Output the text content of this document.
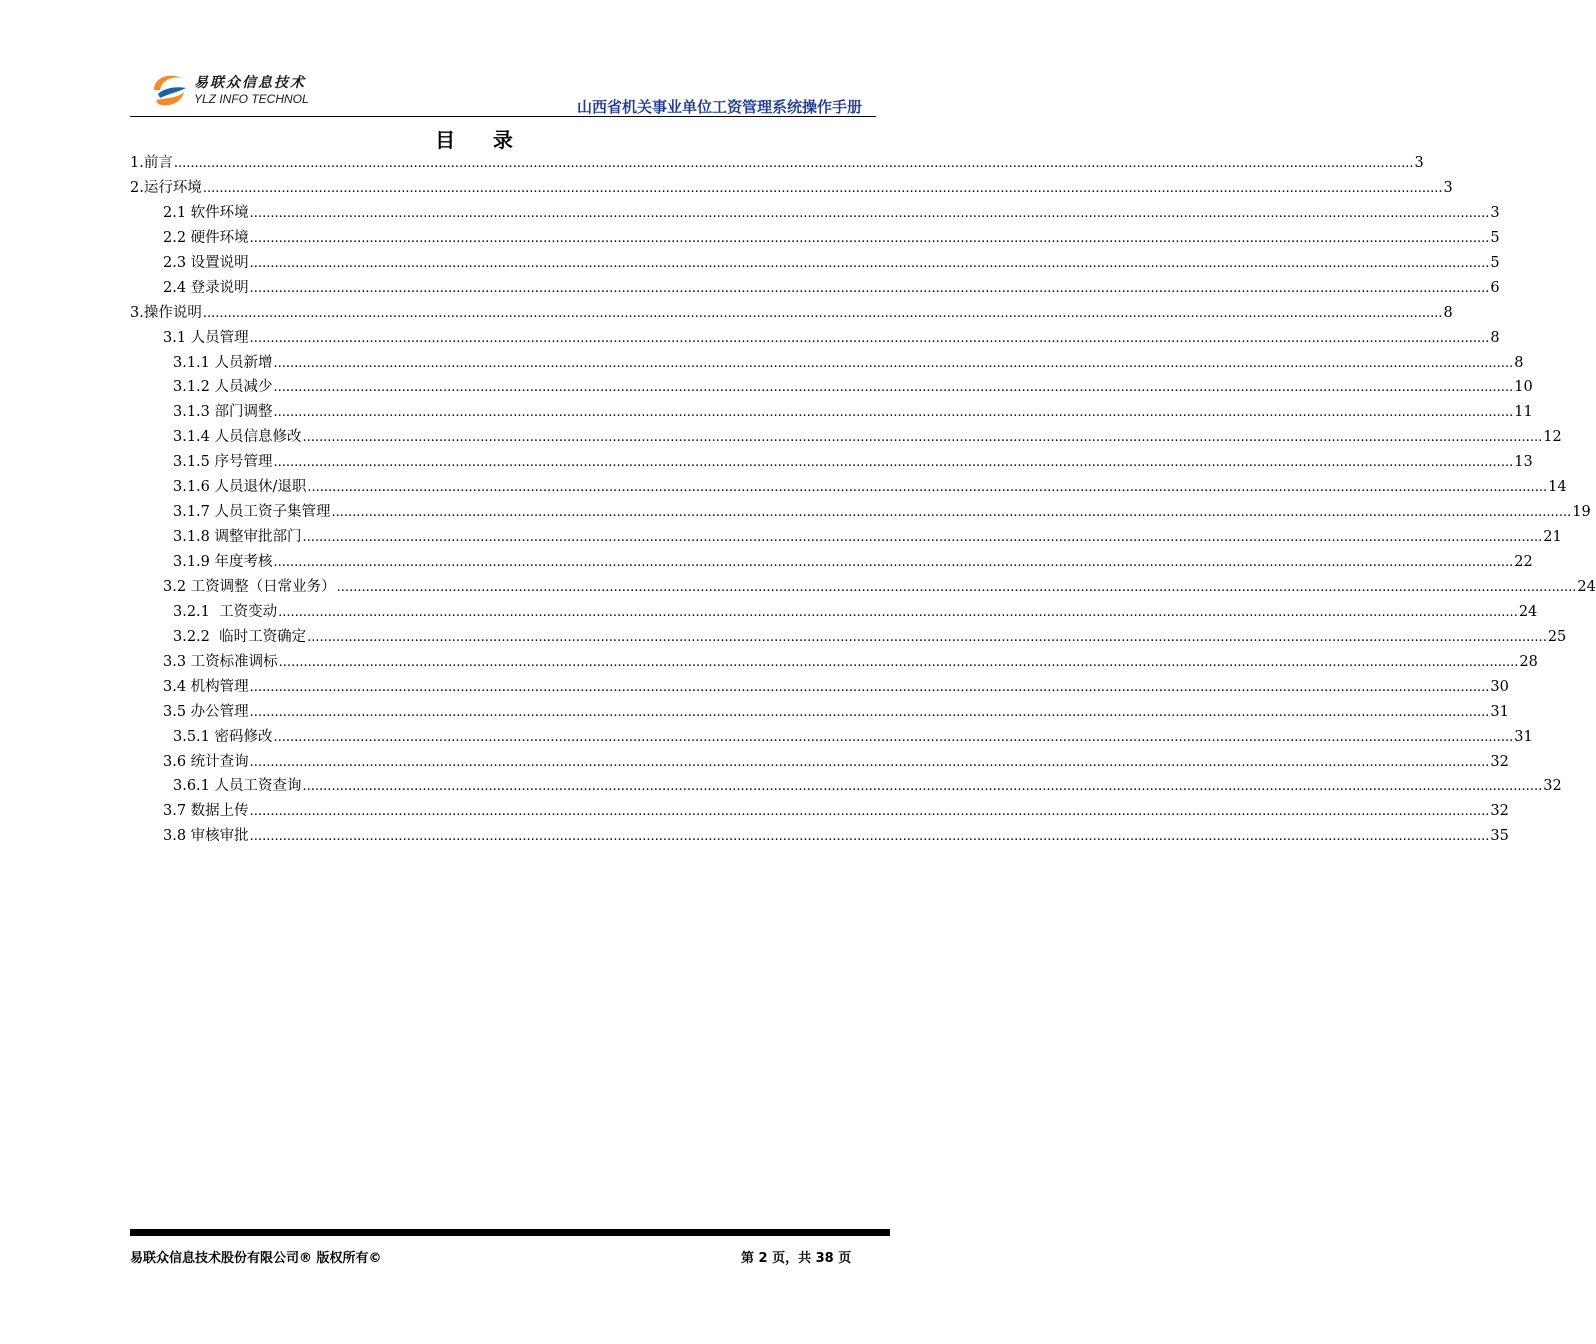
易联众信息技术
YLZ INFO TECHNOL	山西省机关事业单位工资管理系统操作手册
目    录
1.前言 ............................................................................................................................................................................................................................................................................................................ 3
2.运行环境 ............................................................................................................................................................................................................................................................................................................ 3
2.1 软件环境 ............................................................................................................................................................................................................................................................................................................ 3
2.2 硬件环境 ............................................................................................................................................................................................................................................................................................................ 5
2.3 设置说明 ............................................................................................................................................................................................................................................................................................................ 5
2.4 登录说明 ............................................................................................................................................................................................................................................................................................................ 6
3.操作说明 ............................................................................................................................................................................................................................................................................................................ 8
3.1 人员管理 ............................................................................................................................................................................................................................................................................................................ 8
3.1.1 人员新增 ............................................................................................................................................................................................................................................................................................................ 8
3.1.2 人员减少 ............................................................................................................................................................................................................................................................................................................ 10
3.1.3 部门调整 ............................................................................................................................................................................................................................................................................................................ 11
3.1.4 人员信息修改 ............................................................................................................................................................................................................................................................................................................ 12
3.1.5 序号管理 ............................................................................................................................................................................................................................................................................................................ 13
3.1.6 人员退休/退职 ............................................................................................................................................................................................................................................................................................................ 14
3.1.7 人员工资子集管理 ............................................................................................................................................................................................................................................................................................................ 19
3.1.8 调整审批部门 ............................................................................................................................................................................................................................................................................................................ 21
3.1.9 年度考核 ............................................................................................................................................................................................................................................................................................................ 22
3.2 工资调整（日常业务） ............................................................................................................................................................................................................................................................................................................ 24
3.2.1  工资变动 ............................................................................................................................................................................................................................................................................................................ 24
3.2.2  临时工资确定 ............................................................................................................................................................................................................................................................................................................ 25
3.3 工资标准调标 ............................................................................................................................................................................................................................................................................................................ 28
3.4 机构管理 ............................................................................................................................................................................................................................................................................................................ 30
3.5 办公管理 ............................................................................................................................................................................................................................................................................................................ 31
3.5.1 密码修改 ............................................................................................................................................................................................................................................................................................................ 31
3.6 统计查询 ............................................................................................................................................................................................................................................................................................................ 32
3.6.1 人员工资查询 ............................................................................................................................................................................................................................................................................................................ 32
3.7 数据上传 ............................................................................................................................................................................................................................................................................................................ 32
3.8 审核审批 ............................................................................................................................................................................................................................................................................................................ 35
易联众信息技术股份有限公司® 版权所有©	第 2 页，共 38 页
